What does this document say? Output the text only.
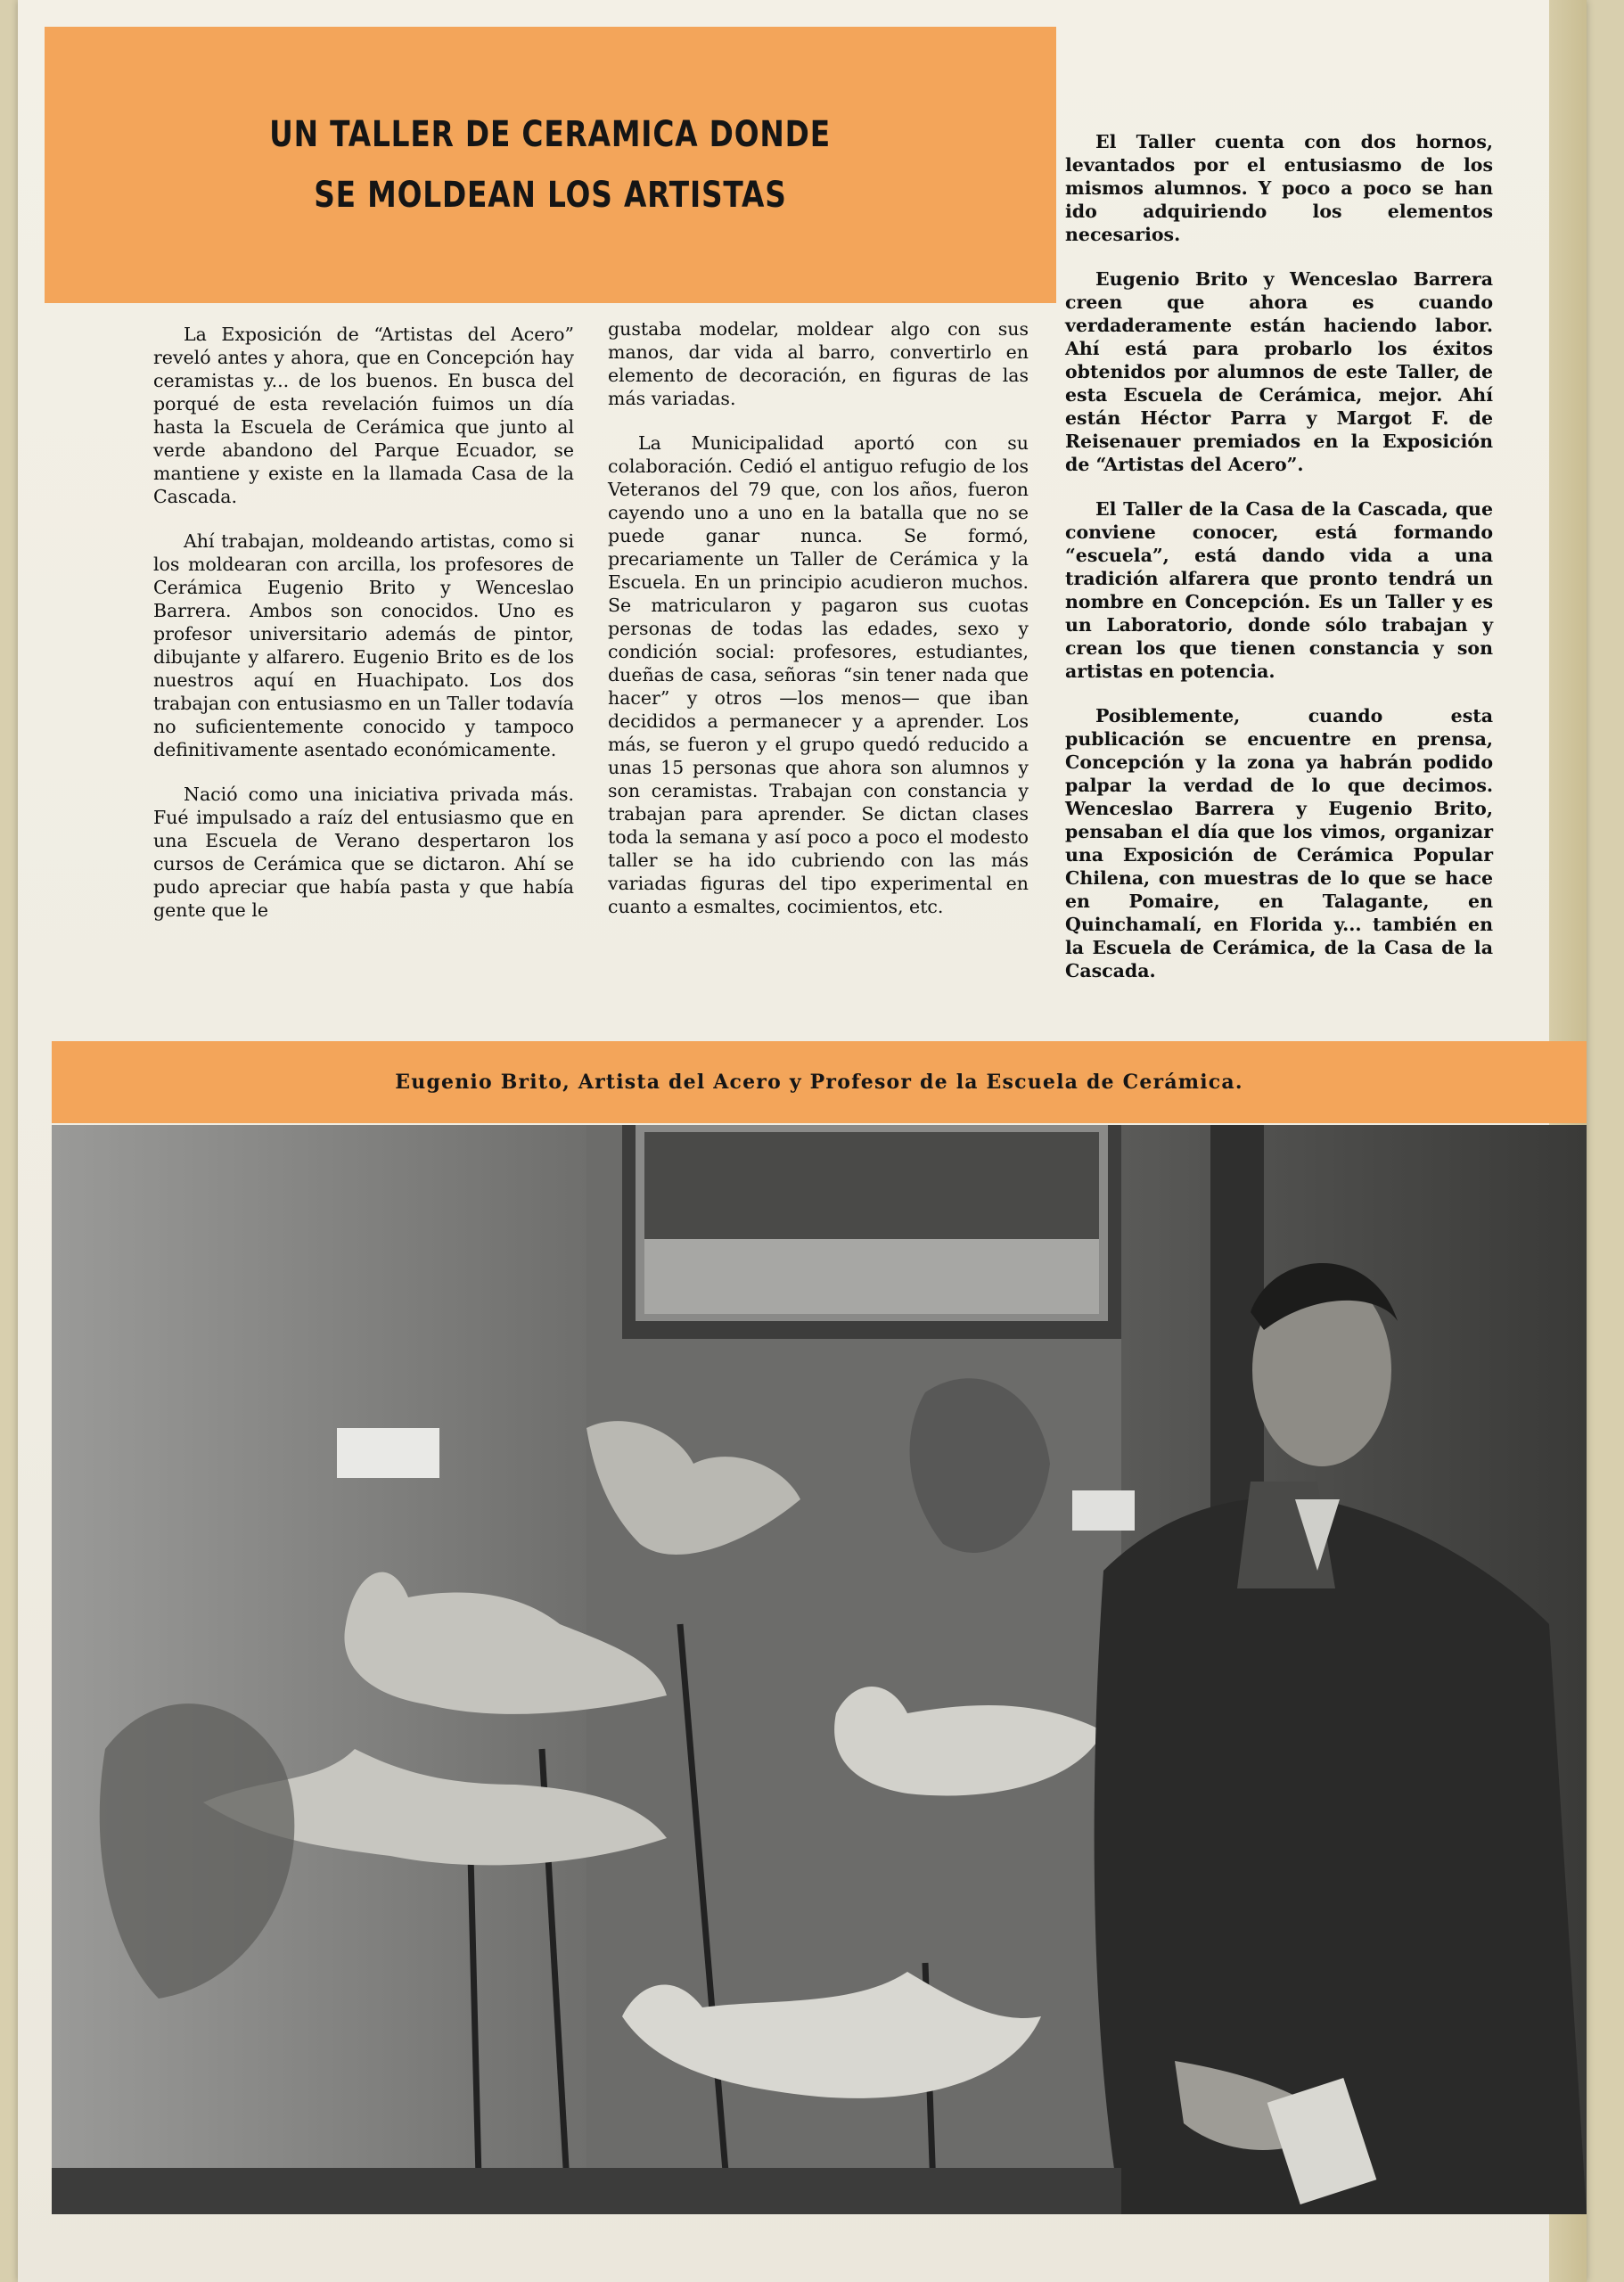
UN TALLER DE CERAMICA DONDE
SE MOLDEAN LOS ARTISTAS

La Exposición de “Artistas del Acero” reveló antes y ahora, que en Concepción hay ceramistas y... de los buenos. En busca del porqué de esta revelación fuimos un día hasta la Escuela de Cerámica que junto al verde abandono del Parque Ecuador, se mantiene y existe en la llamada Casa de la Cascada.

Ahí trabajan, moldeando artistas, como si los moldearan con arcilla, los profesores de Cerámica Eugenio Brito y Wenceslao Barrera. Ambos son conocidos. Uno es profesor universitario además de pintor, dibujante y alfarero. Eugenio Brito es de los nuestros aquí en Huachipato. Los dos trabajan con entusiasmo en un Taller todavía no suficientemente conocido y tampoco definitivamente asentado económicamente.

Nació como una iniciativa privada más. Fué impulsado a raíz del entusiasmo que en una Escuela de Verano despertaron los cursos de Cerámica que se dictaron. Ahí se pudo apreciar que había pasta y que había gente que le

gustaba modelar, moldear algo con sus manos, dar vida al barro, convertirlo en elemento de decoración, en figuras de las más variadas.

La Municipalidad aportó con su colaboración. Cedió el antiguo refugio de los Veteranos del 79 que, con los años, fueron cayendo uno a uno en la batalla que no se puede ganar nunca. Se formó, precariamente un Taller de Cerámica y la Escuela. En un principio acudieron muchos. Se matricularon y pagaron sus cuotas personas de todas las edades, sexo y condición social: profesores, estudiantes, dueñas de casa, señoras “sin tener nada que hacer” y otros —los menos— que iban decididos a permanecer y a aprender. Los más, se fueron y el grupo quedó reducido a unas 15 personas que ahora son alumnos y son ceramistas. Trabajan con constancia y trabajan para aprender. Se dictan clases toda la semana y así poco a poco el modesto taller se ha ido cubriendo con las más variadas figuras del tipo experimental en cuanto a esmaltes, cocimientos, etc.

El Taller cuenta con dos hornos, levantados por el entusiasmo de los mismos alumnos. Y poco a poco se han ido adquiriendo los elementos necesarios.

Eugenio Brito y Wenceslao Barrera creen que ahora es cuando verdaderamente están haciendo labor. Ahí está para probarlo los éxitos obtenidos por alumnos de este Taller, de esta Escuela de Cerámica, mejor. Ahí están Héctor Parra y Margot F. de Reisenauer premiados en la Exposición de “Artistas del Acero”.

El Taller de la Casa de la Cascada, que conviene conocer, está formando “escuela”, está dando vida a una tradición alfarera que pronto tendrá un nombre en Concepción. Es un Taller y es un Laboratorio, donde sólo trabajan y crean los que tienen constancia y son artistas en potencia.

Posiblemente, cuando esta publicación se encuentre en prensa, Concepción y la zona ya habrán podido palpar la verdad de lo que decimos. Wenceslao Barrera y Eugenio Brito, pensaban el día que los vimos, organizar una Exposición de Cerámica Popular Chilena, con muestras de lo que se hace en Pomaire, en Talagante, en Quinchamalí, en Florida y... también en la Escuela de Cerámica, de la Casa de la Cascada.

Eugenio Brito, Artista del Acero y Profesor de la Escuela de Cerámica.
